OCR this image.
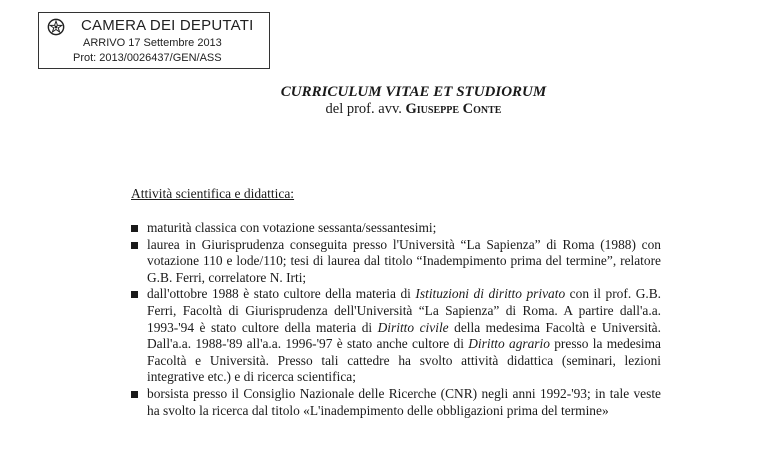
CAMERA DEI DEPUTATI
ARRIVO 17 Settembre 2013
Prot: 2013/0026437/GEN/ASS
CURRICULUM VITAE ET STUDIORUM
del prof. avv. Giuseppe Conte
Attività scientifica e didattica:

maturità classica con votazione sessanta/sessantesimi;

laurea in Giurisprudenza conseguita presso l'Università “La Sapienza” di Roma (1988) con votazione 110 e lode/110; tesi di laurea dal titolo “Inadempimento prima del termine”, relatore G.B. Ferri, correlatore N. Irti;

dall'ottobre 1988 è stato cultore della materia di Istituzioni di diritto privato con il prof. G.B. Ferri, Facoltà di Giurisprudenza dell'Università “La Sapienza” di Roma. A partire dall'a.a. 1993-'94 è stato cultore della materia di Diritto civile della medesima Facoltà e Università. Dall'a.a. 1988-'89 all'a.a. 1996-'97 è stato anche cultore di Diritto agrario presso la medesima Facoltà e Università. Presso tali cattedre ha svolto attività didattica (seminari, lezioni integrative etc.) e di ricerca scientifica;

borsista presso il Consiglio Nazionale delle Ricerche (CNR) negli anni 1992-'93; in tale veste ha svolto la ricerca dal titolo «L'inadempimento delle obbligazioni prima del termine»
